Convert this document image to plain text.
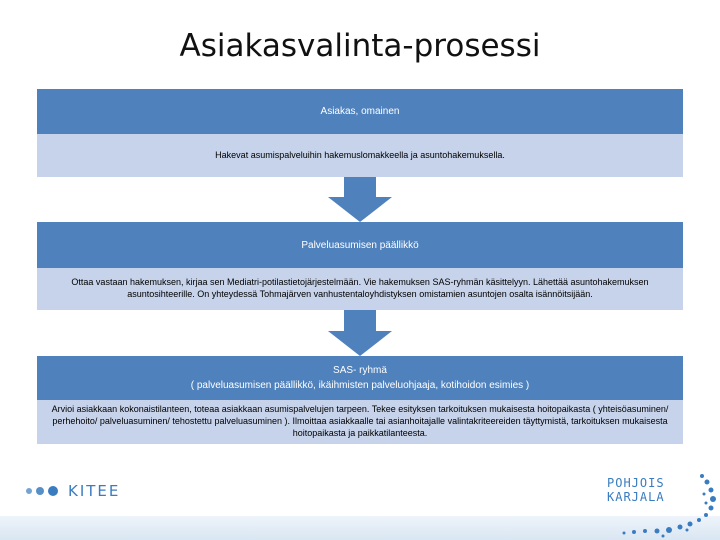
Asiakasvalinta-prosessi
Asiakas, omainen
Hakevat asumispalveluihin hakemuslomakkeella ja asuntohakemuksella.
Palveluasumisen päällikkö
Ottaa vastaan hakemuksen, kirjaa sen Mediatri-potilastietojärjestelmään. Vie hakemuksen SAS-ryhmän käsittelyyn. Lähettää asuntohakemuksen asuntosihteerille. On yhteydessä Tohmajärven vanhustentaloyhdistyksen omistamien asuntojen osalta isännöitsijään.
SAS- ryhmä
( palveluasumisen päällikkö, ikäihmisten palveluohjaaja, kotihoidon esimies )
Arvioi asiakkaan kokonaistilanteen, toteaa asiakkaan asumispalvelujen tarpeen. Tekee esityksen tarkoituksen mukaisesta hoitopaikasta ( yhteisöasuminen/ perhehoito/ palveluasuminen/ tehostettu palveluasuminen ). Ilmoittaa asiakkaalle tai asianhoitajalle valintakriteereiden täyttymistä, tarkoituksen mukaisesta hoitopaikasta ja paikkatilanteesta.
KITEE	POHJOIS
KARJALA
